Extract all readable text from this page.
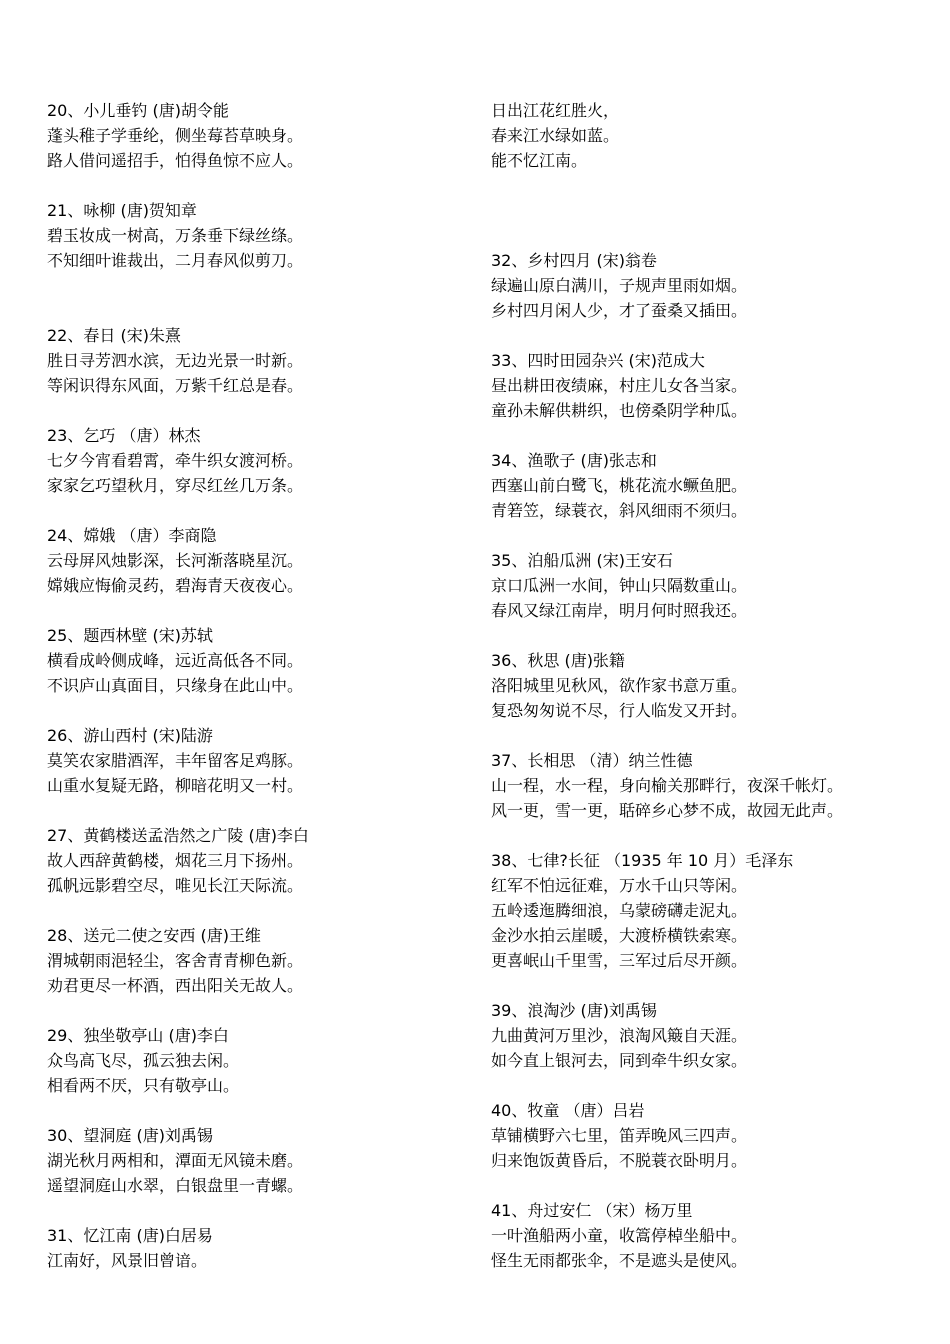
20、小儿垂钓 (唐)胡令能
蓬头稚子学垂纶，侧坐莓苔草映身。
路人借问遥招手，怕得鱼惊不应人。
21、咏柳 (唐)贺知章
碧玉妆成一树高，万条垂下绿丝绦。
不知细叶谁裁出，二月春风似剪刀。
22、春日 (宋)朱熹
胜日寻芳泗水滨，无边光景一时新。
等闲识得东风面，万紫千红总是春。
23、乞巧 （唐）林杰
七夕今宵看碧霄，牵牛织女渡河桥。
家家乞巧望秋月，穿尽红丝几万条。
24、嫦娥 （唐）李商隐
云母屏风烛影深，长河渐落晓星沉。
嫦娥应悔偷灵药，碧海青天夜夜心。
25、题西林壁 (宋)苏轼
横看成岭侧成峰，远近高低各不同。
不识庐山真面目，只缘身在此山中。
26、游山西村 (宋)陆游
莫笑农家腊酒浑，丰年留客足鸡豚。
山重水复疑无路，柳暗花明又一村。
27、黄鹤楼送孟浩然之广陵 (唐)李白
故人西辞黄鹤楼，烟花三月下扬州。
孤帆远影碧空尽，唯见长江天际流。
28、送元二使之安西 (唐)王维
渭城朝雨浥轻尘，客舍青青柳色新。
劝君更尽一杯酒，西出阳关无故人。
29、独坐敬亭山 (唐)李白
众鸟高飞尽，孤云独去闲。
相看两不厌，只有敬亭山。
30、望洞庭 (唐)刘禹锡
湖光秋月两相和，潭面无风镜未磨。
遥望洞庭山水翠，白银盘里一青螺。
31、忆江南 (唐)白居易
江南好，风景旧曾谙。
日出江花红胜火，
春来江水绿如蓝。
能不忆江南。
32、乡村四月 (宋)翁卷
绿遍山原白满川，子规声里雨如烟。
乡村四月闲人少，才了蚕桑又插田。
33、四时田园杂兴 (宋)范成大
昼出耕田夜绩麻，村庄儿女各当家。
童孙未解供耕织，也傍桑阴学种瓜。
34、渔歌子 (唐)张志和
西塞山前白鹭飞，桃花流水鳜鱼肥。
青箬笠，绿蓑衣，斜风细雨不须归。
35、泊船瓜洲 (宋)王安石
京口瓜洲一水间，钟山只隔数重山。
春风又绿江南岸，明月何时照我还。
36、秋思 (唐)张籍
洛阳城里见秋风，欲作家书意万重。
复恐匆匆说不尽，行人临发又开封。
37、长相思 （清）纳兰性德
山一程，水一程，身向榆关那畔行，夜深千帐灯。
风一更，雪一更，聒碎乡心梦不成，故园无此声。
38、七律?长征 （1935 年 10 月）毛泽东
红军不怕远征难，万水千山只等闲。
五岭逶迤腾细浪，乌蒙磅礴走泥丸。
金沙水拍云崖暖，大渡桥横铁索寒。
更喜岷山千里雪，三军过后尽开颜。
39、浪淘沙 (唐)刘禹锡
九曲黄河万里沙，浪淘风簸自天涯。
如今直上银河去，同到牵牛织女家。
40、牧童 （唐）吕岩
草铺横野六七里，笛弄晚风三四声。
归来饱饭黄昏后，不脱蓑衣卧明月。
41、舟过安仁 （宋）杨万里
一叶渔船两小童，收篙停棹坐船中。
怪生无雨都张伞，不是遮头是使风。
